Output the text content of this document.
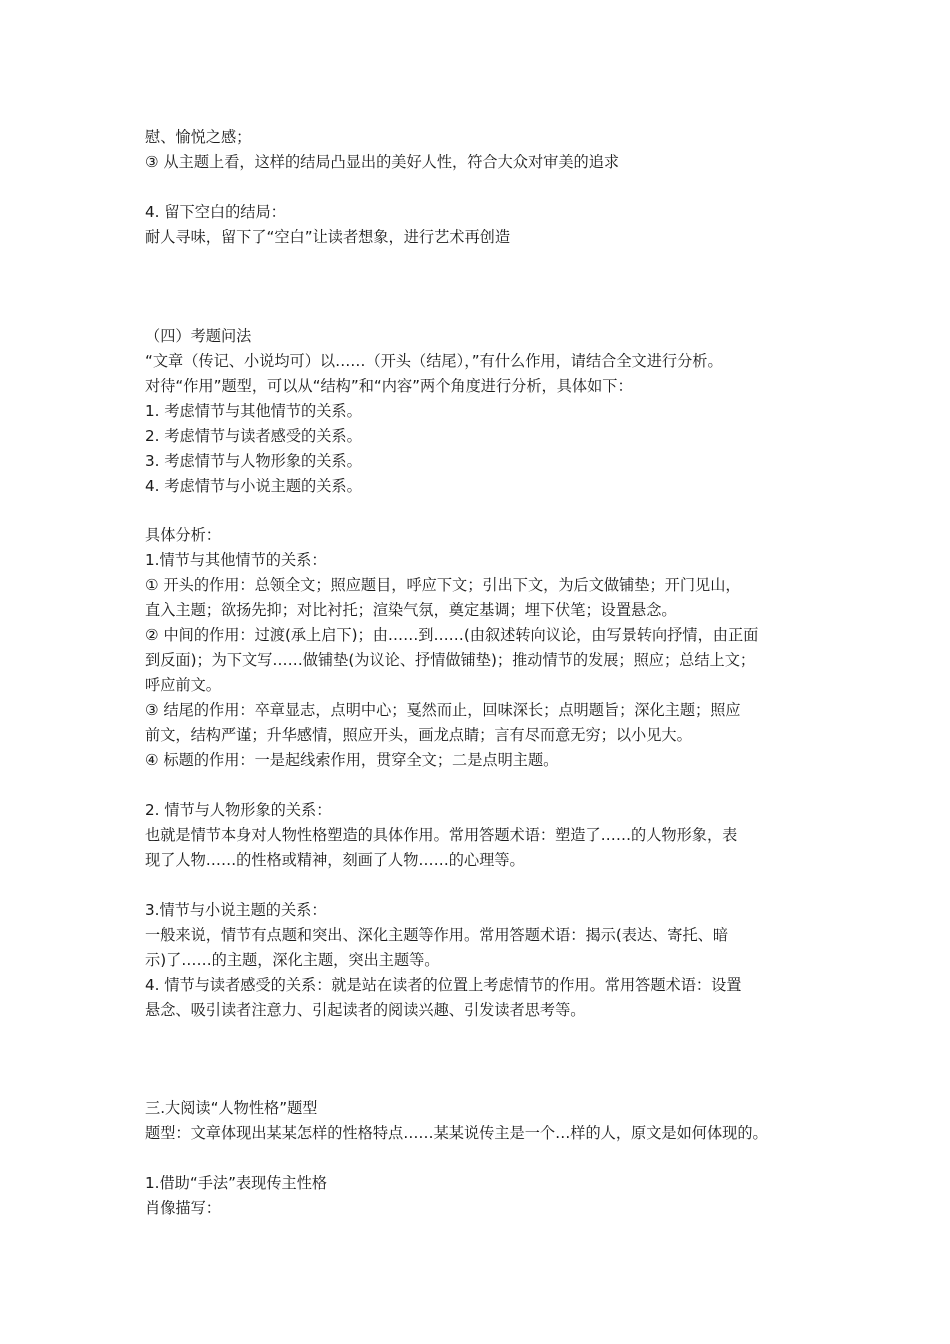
慰、愉悦之感；
③ 从主题上看，这样的结局凸显出的美好人性，符合大众对审美的追求
4. 留下空白的结局：
耐人寻味，留下了“空白”让读者想象，进行艺术再创造
（四）考题问法
“文章（传记、小说均可）以……（开头（结尾），”有什么作用，请结合全文进行分析。
对待“作用”题型，可以从“结构”和“内容”两个角度进行分析，具体如下：
1. 考虑情节与其他情节的关系。
2. 考虑情节与读者感受的关系。
3. 考虑情节与人物形象的关系。
4. 考虑情节与小说主题的关系。
具体分析：
1.情节与其他情节的关系：
① 开头的作用：总领全文；照应题目，呼应下文；引出下文，为后文做铺垫；开门见山，
直入主题；欲扬先抑；对比衬托；渲染气氛，奠定基调；埋下伏笔；设置悬念。
② 中间的作用：过渡(承上启下)；由……到……(由叙述转向议论，由写景转向抒情，由正面
到反面)；为下文写……做铺垫(为议论、抒情做铺垫)；推动情节的发展；照应；总结上文；
呼应前文。
③ 结尾的作用：卒章显志，点明中心；戛然而止，回味深长；点明题旨；深化主题；照应
前文，结构严谨；升华感情，照应开头，画龙点睛；言有尽而意无穷；以小见大。
④ 标题的作用：一是起线索作用，贯穿全文；二是点明主题。
2. 情节与人物形象的关系：
也就是情节本身对人物性格塑造的具体作用。常用答题术语：塑造了……的人物形象，表
现了人物……的性格或精神，刻画了人物……的心理等。
3.情节与小说主题的关系：
一般来说，情节有点题和突出、深化主题等作用。常用答题术语：揭示(表达、寄托、暗
示)了……的主题，深化主题，突出主题等。
4. 情节与读者感受的关系：就是站在读者的位置上考虑情节的作用。常用答题术语：设置
悬念、吸引读者注意力、引起读者的阅读兴趣、引发读者思考等。
三.大阅读“人物性格”题型
题型：文章体现出某某怎样的性格特点……某某说传主是一个…样的人，原文是如何体现的。
1.借助“手法”表现传主性格
肖像描写：
